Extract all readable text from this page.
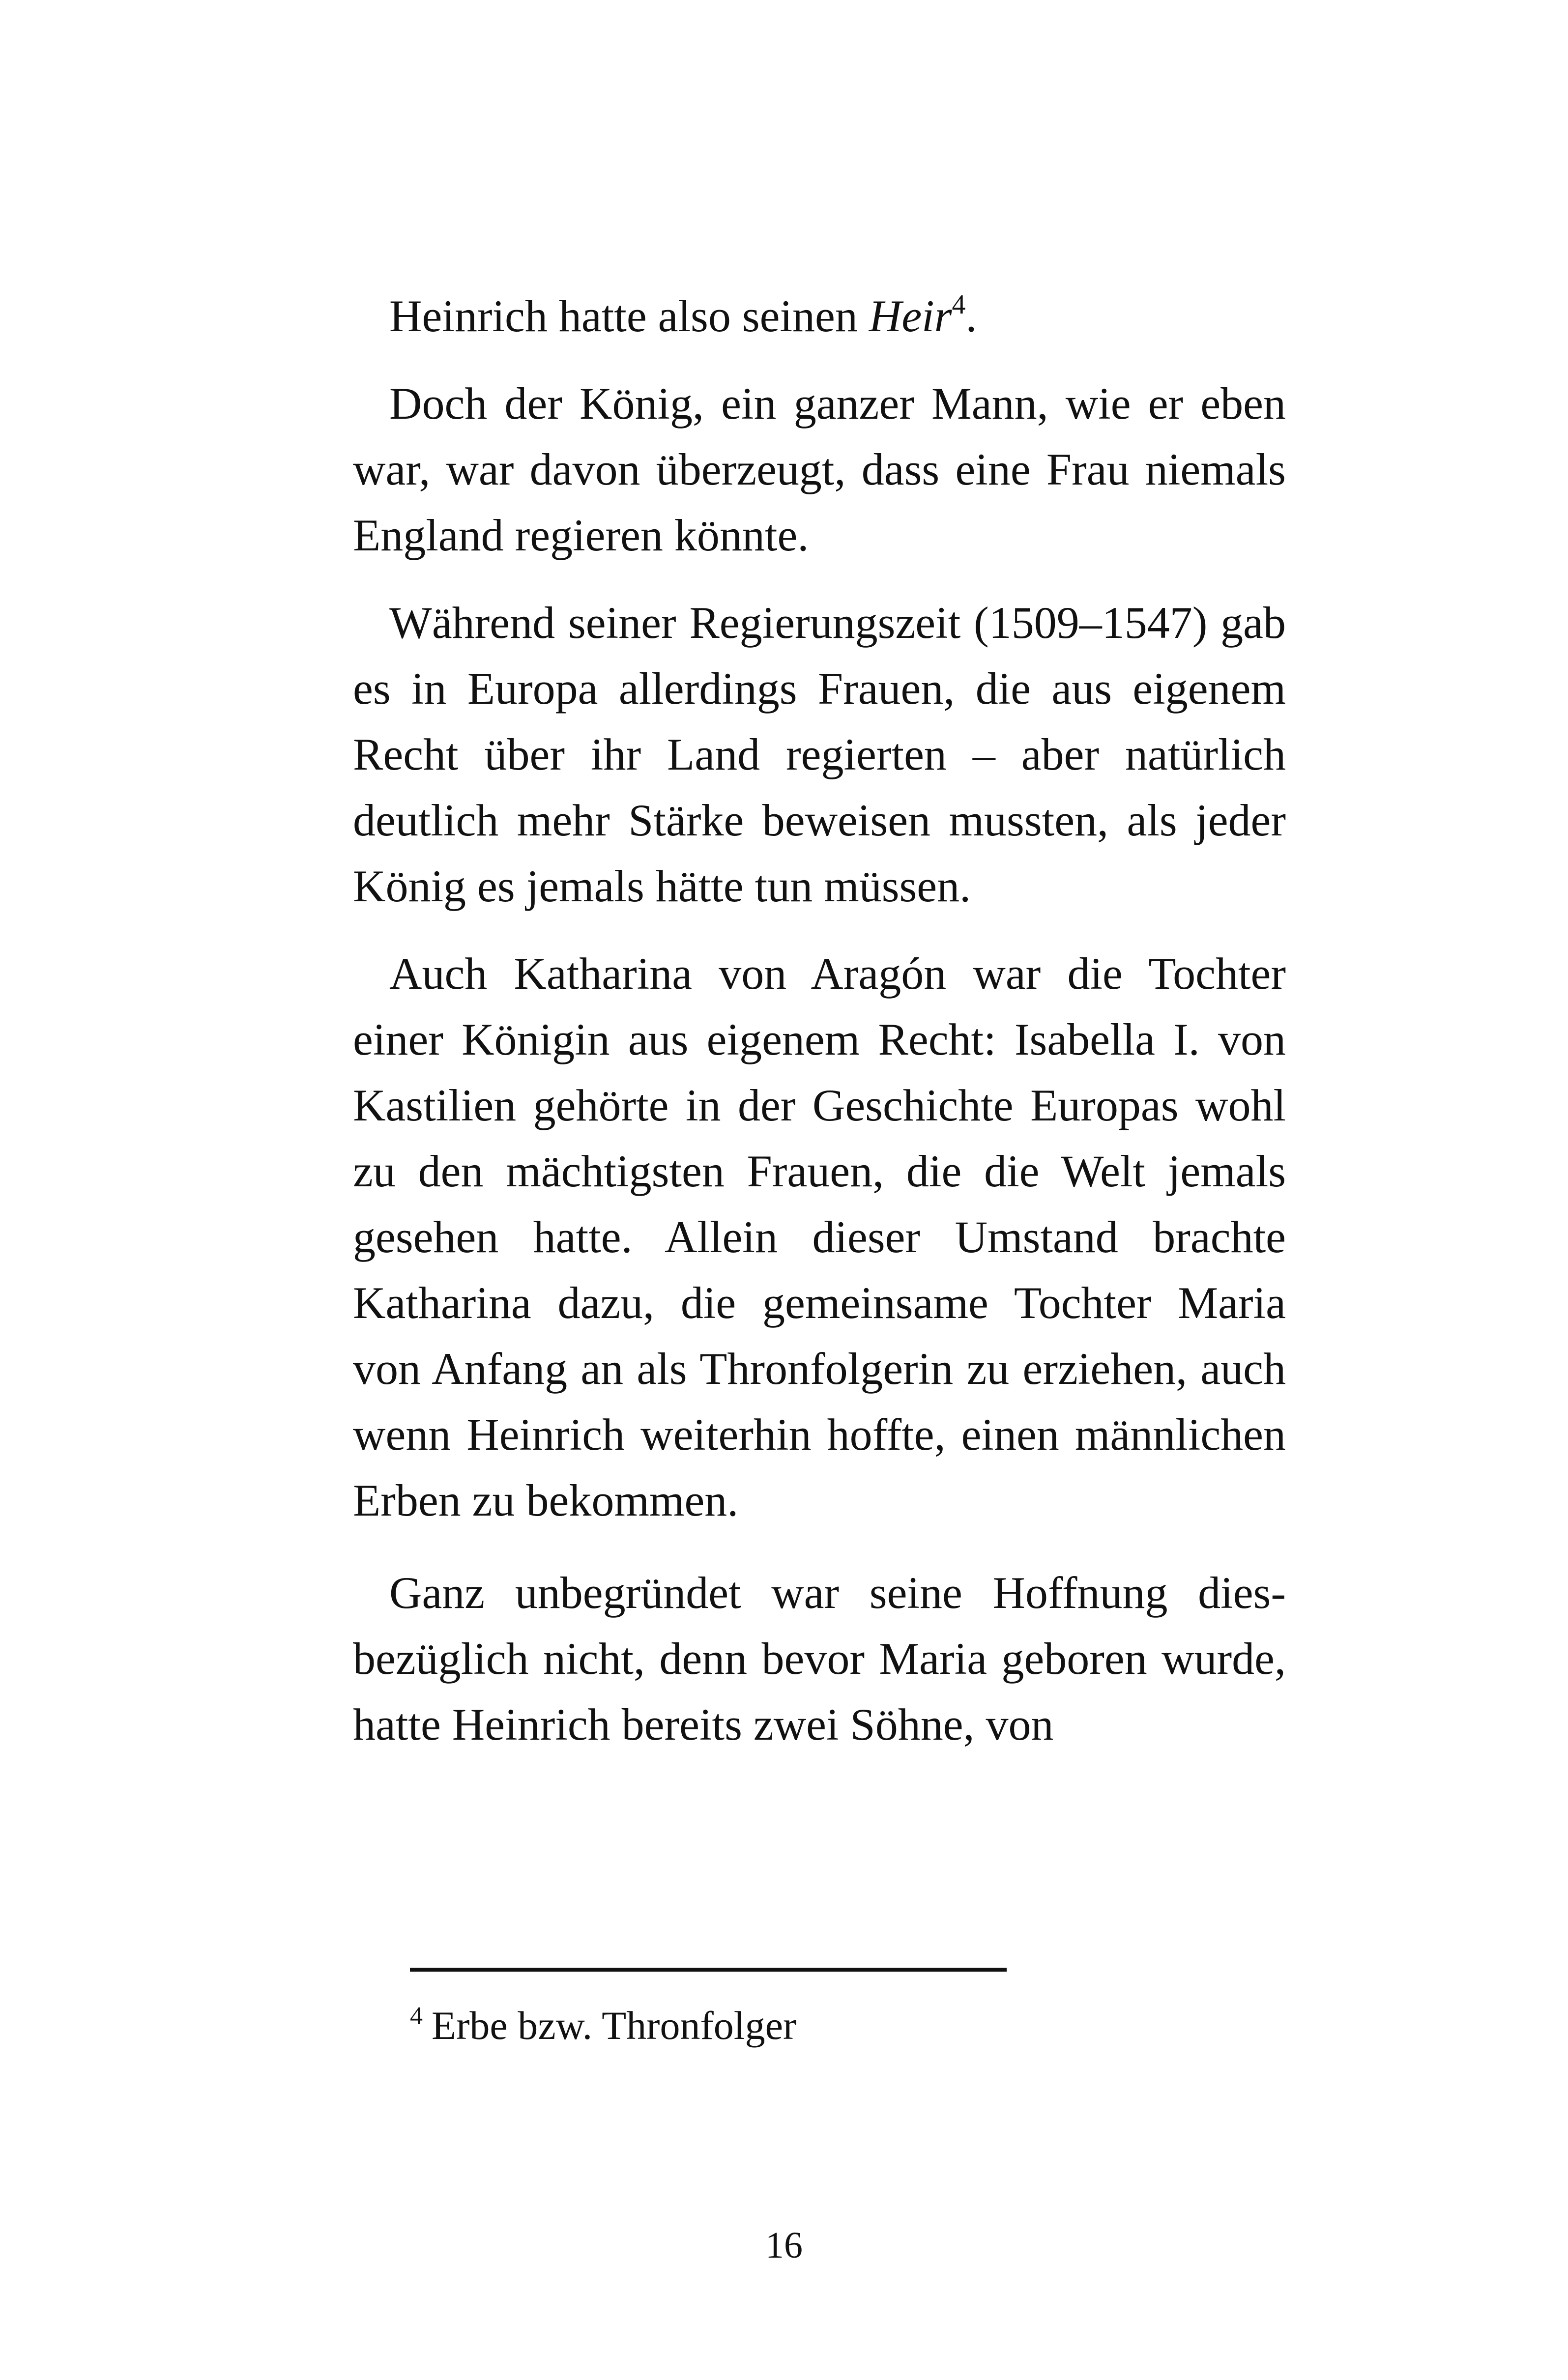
Heinrich hatte also seinen Heir$^4$.

Doch der König, ein ganzer Mann, wie er eben war, war davon überzeugt, dass eine Frau niemals England regieren könnte.

Während seiner Regierungszeit (1509–1547) gab es in Europa allerdings Frauen, die aus eigenem Recht über ihr Land regierten – aber natürlich deutlich mehr Stärke beweisen mussten, als jeder König es jemals hätte tun müssen.

Auch Katharina von Aragón war die Tochter einer Königin aus eigenem Recht: Isabella I. von Kastilien gehörte in der Geschichte Europas wohl zu den mächtigsten Frauen, die die Welt jemals gesehen hatte. Allein dieser Umstand brachte Katharina dazu, die gemeinsame Tochter Maria von Anfang an als Thronfolgerin zu erziehen, auch wenn Heinrich weiterhin hoffte, einen männlichen Erben zu bekommen.

Ganz unbegründet war seine Hoffnung diesbezüglich nicht, denn bevor Maria geboren wurde, hatte Heinrich bereits zwei Söhne, von

$^4$ Erbe bzw. Thronfolger
16
